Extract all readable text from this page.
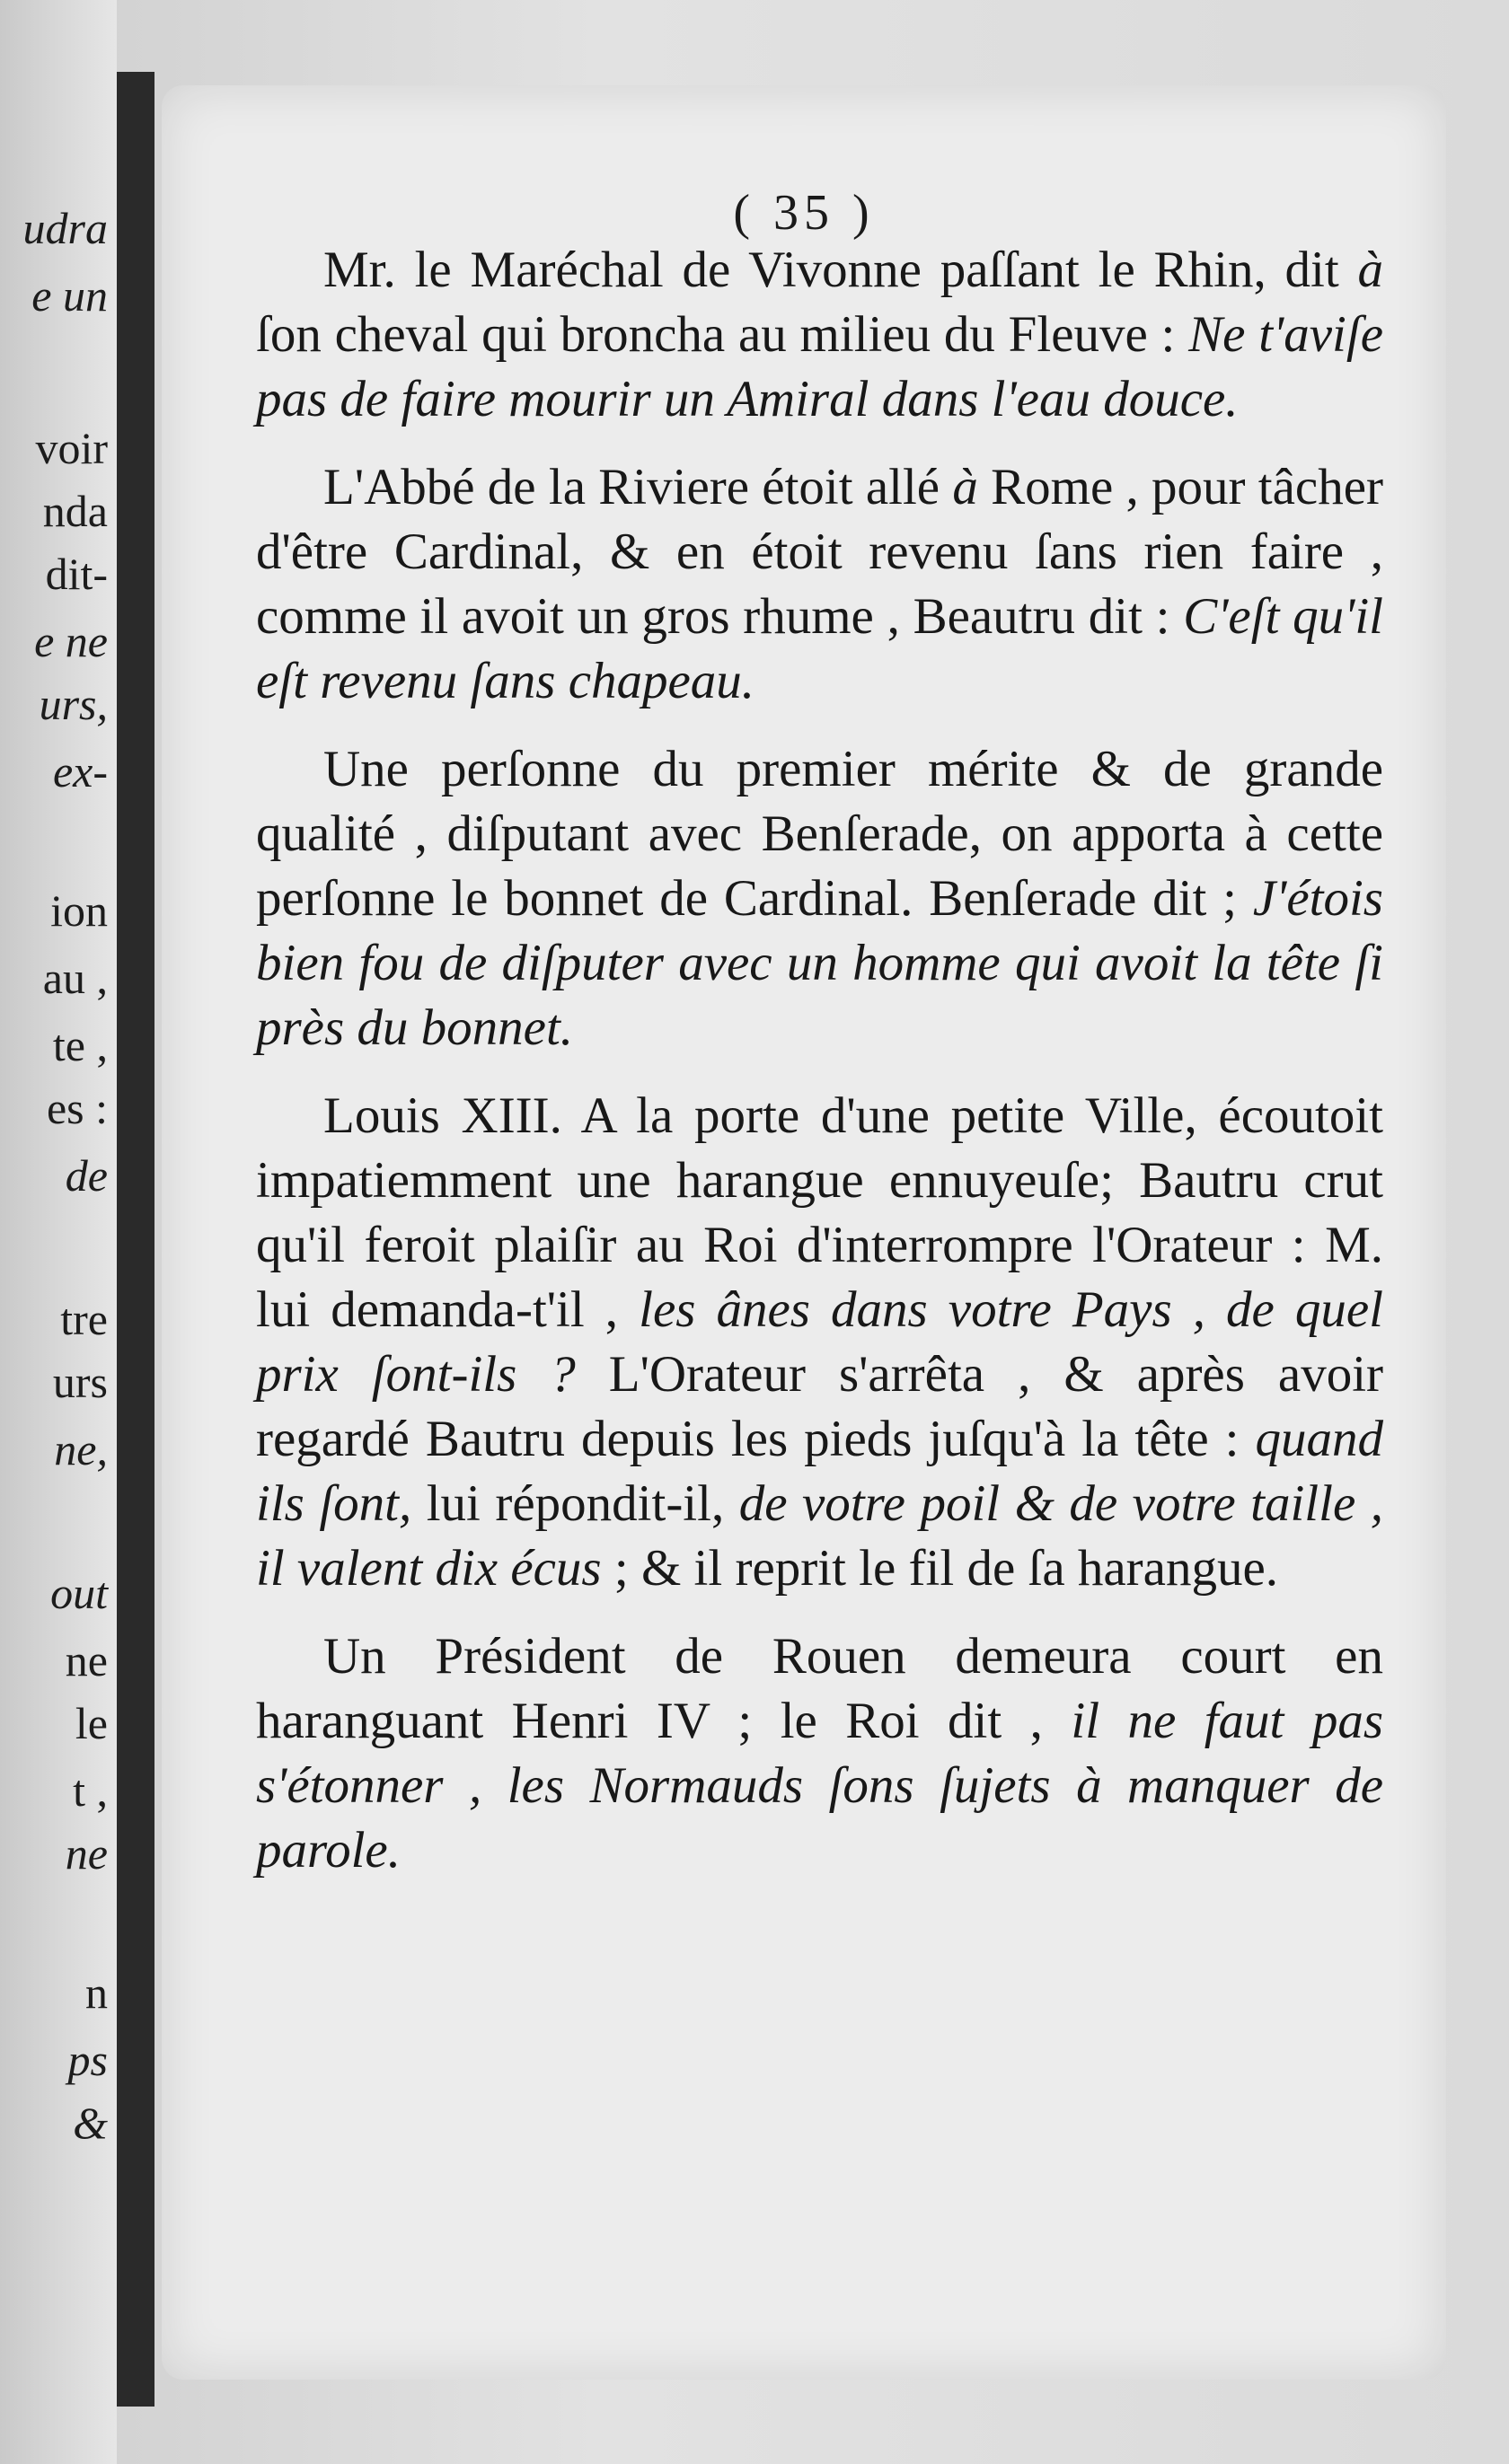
udra
e un
voir
nda
dit-
e ne
urs,
ex-
ion
au ,
te ,
es :
de
tre
urs
ne,
out
ne
le
t ,
ne
n
ps
&
( 35 )

Mr. le Maréchal de Vivonne paſſant le Rhin, dit à ſon cheval qui broncha au milieu du Fleuve : Ne t'aviſe pas de faire mourir un Amiral dans l'eau douce.

L'Abbé de la Riviere étoit allé à Rome , pour tâcher d'être Cardinal, & en étoit revenu ſans rien faire , comme il avoit un gros rhume , Beautru dit : C'eſt qu'il eſt revenu ſans chapeau.

Une perſonne du premier mérite & de grande qualité , diſputant avec Benſerade, on apporta à cette perſonne le bonnet de Cardinal. Benſerade dit ; J'étois bien fou de diſputer avec un homme qui avoit la tête ſi près du bonnet.

Louis XIII. A la porte d'une petite Ville, écoutoit impatiemment une harangue ennuyeuſe; Bautru crut qu'il feroit plaiſir au Roi d'interrompre l'Orateur : M. lui demanda-t'il , les ânes dans votre Pays , de quel prix ſont-ils ? L'Orateur s'arrêta , & après avoir regardé Bautru depuis les pieds juſqu'à la tête : quand ils ſont, lui répondit-il, de votre poil & de votre taille , il valent dix écus ; & il reprit le fil de ſa harangue.

Un Président de Rouen demeura court en haranguant Henri IV ; le Roi dit , il ne faut pas s'étonner , les Normauds ſons ſujets à manquer de parole.
